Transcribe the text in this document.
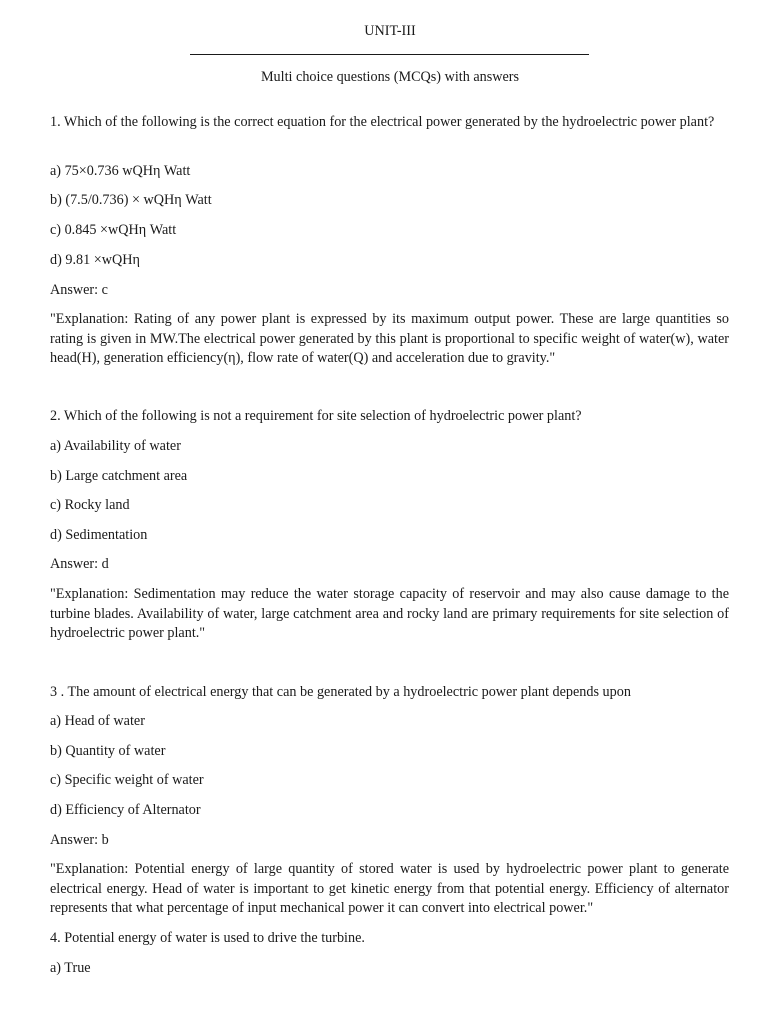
UNIT-III
Multi choice questions (MCQs) with answers
1. Which of the following is the correct equation for the electrical power generated by the hydroelectric power plant?
a) 75×0.736 wQHη Watt
b) (7.5/0.736) × wQHη Watt
c) 0.845 ×wQHη Watt
d) 9.81 ×wQHη
Answer: c
"Explanation: Rating of any power plant is expressed by its maximum output power. These are large quantities so rating is given in MW.The electrical power generated by this plant is proportional to specific weight of water(w), water head(H), generation efficiency(η), flow rate of water(Q) and acceleration due to gravity."
2. Which of the following is not a requirement for site selection of hydroelectric power plant?
a) Availability of water
b) Large catchment area
c) Rocky land
d) Sedimentation
Answer: d
"Explanation: Sedimentation may reduce the water storage capacity of reservoir and may also cause damage to the turbine blades. Availability of water, large catchment area and rocky land are primary requirements for site selection of hydroelectric power plant."
3 . The amount of electrical energy that can be generated by a hydroelectric power plant depends upon
a) Head of water
b) Quantity of water
c) Specific weight of water
d) Efficiency of Alternator
Answer: b
"Explanation: Potential energy of large quantity of stored water is used by hydroelectric power plant to generate electrical energy. Head of water is important to get kinetic energy from that potential energy. Efficiency of alternator represents that what percentage of input mechanical power it can convert into electrical power."
4. Potential energy of water is used to drive the turbine.
a) True
